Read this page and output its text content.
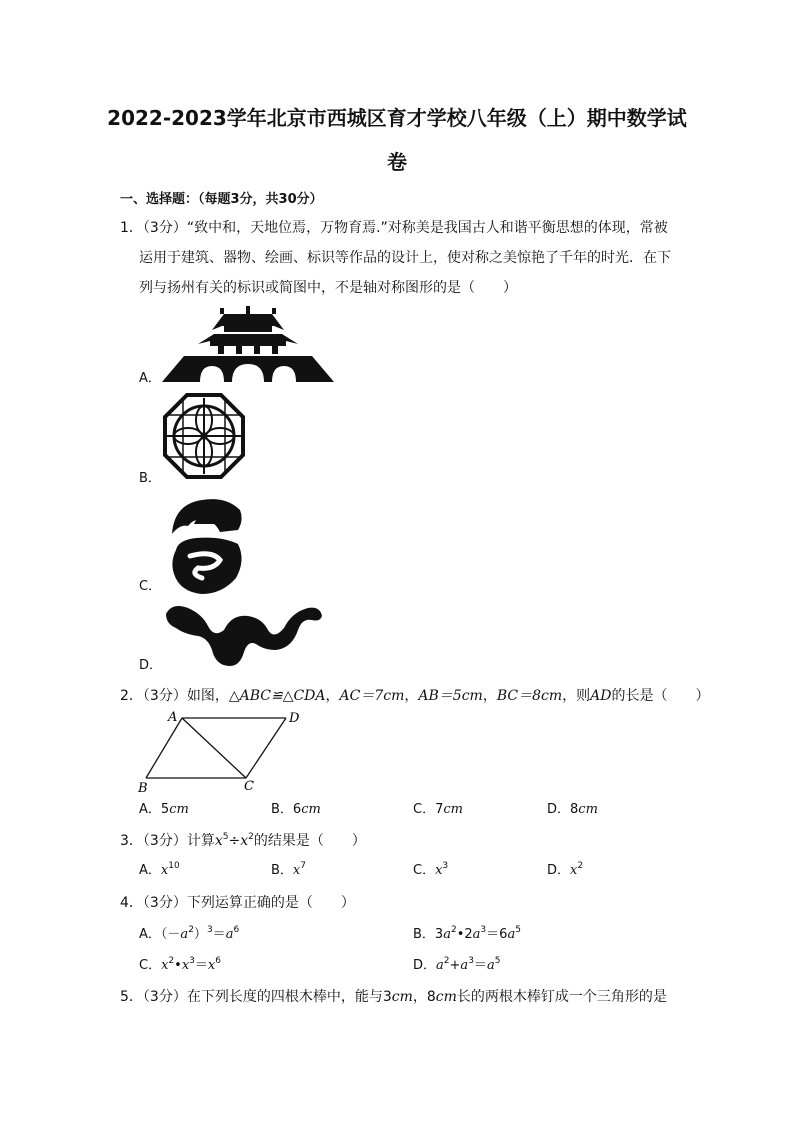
2022-2023学年北京市西城区育才学校八年级（上）期中数学试
卷
一、选择题：（每题3分，共30分）
1．（3分）“致中和，天地位焉，万物育焉.”对称美是我国古人和谐平衡思想的体现，常被
运用于建筑、器物、绘画、标识等作品的设计上，使对称之美惊艳了千年的时光．在下
列与扬州有关的标识或简图中，不是轴对称图形的是（　　）
A．
B．
C．
D．
2．（3分）如图，△ABC≌△CDA，AC＝7cm，AB＝5cm，BC＝8cm，则AD的长是（　　）
A	D
B	C
A．5cm	B．6cm	C．7cm	D．8cm
3．（3分）计算$x^5\div x^2$的结果是（　　）
A．$x^{10}$	B．$x^7$	C．$x^3$	D．$x^2$
4．（3分）下列运算正确的是（　　）
A．$(-a^2)^3=a^6$	B．$3a^2•2a^3=6a^5$
C．$x^2•x^3=x^6$	D．$a^2+a^3=a^5$
5．（3分）在下列长度的四根木棒中，能与3cm，8cm长的两根木棒钉成一个三角形的是
